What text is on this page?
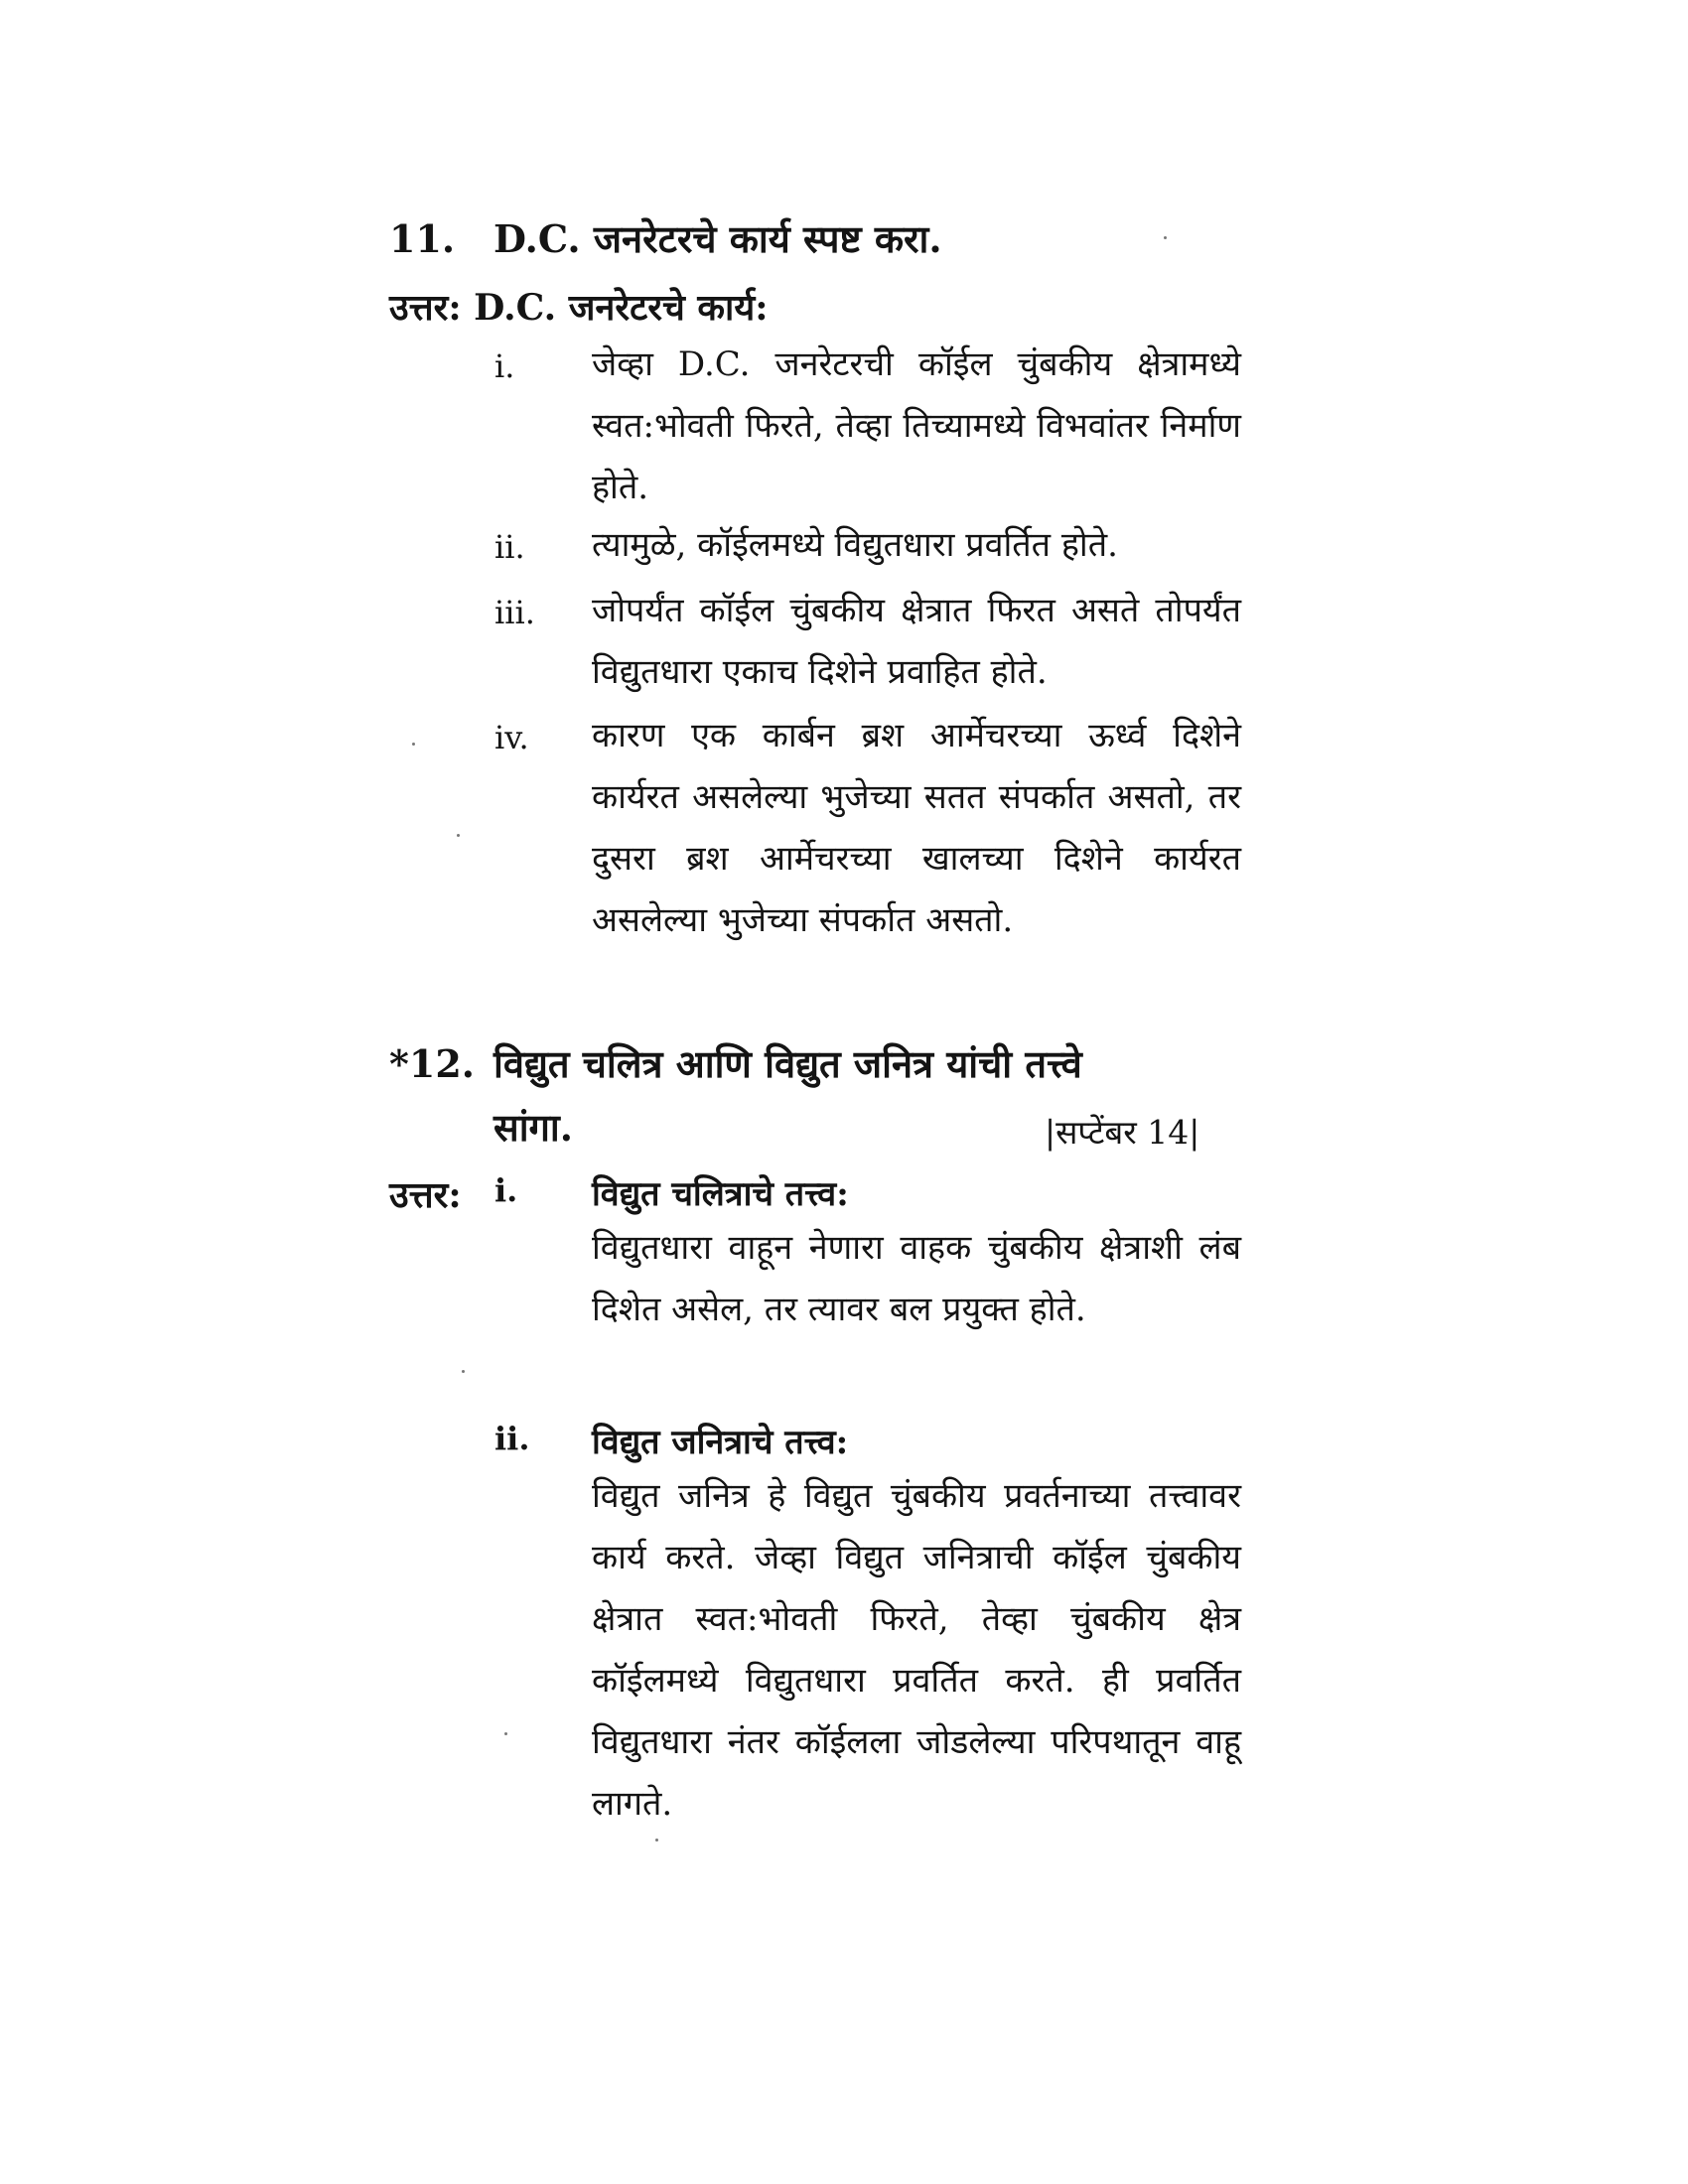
11. D.C. जनरेटरचे कार्य स्पष्ट करा.
उत्तर: D.C. जनरेटरचे कार्य:
i. जेव्हा D.C. जनरेटरची कॉईल चुंबकीय क्षेत्रामध्ये स्वत:भोवती फिरते, तेव्हा तिच्यामध्ये विभवांतर निर्माण होते.
ii. त्यामुळे, कॉईलमध्ये विद्युतधारा प्रवर्तित होते.
iii. जोपर्यंत कॉईल चुंबकीय क्षेत्रात फिरत असते तोपर्यंत विद्युतधारा एकाच दिशेने प्रवाहित होते.
iv. कारण एक कार्बन ब्रश आर्मेचरच्या ऊर्ध्व दिशेने कार्यरत असलेल्या भुजेच्या सतत संपर्कात असतो, तर दुसरा ब्रश आर्मेचरच्या खालच्या दिशेने कार्यरत असलेल्या भुजेच्या संपर्कात असतो.
*12. विद्युत चलित्र आणि विद्युत जनित्र यांची तत्त्वे
सांगा.	|सप्टेंबर 14|
उत्तर: i. विद्युत चलित्राचे तत्त्व:
विद्युतधारा वाहून नेणारा वाहक चुंबकीय क्षेत्राशी लंब दिशेत असेल, तर त्यावर बल प्रयुक्त होते.
ii. विद्युत जनित्राचे तत्त्व:
विद्युत जनित्र हे विद्युत चुंबकीय प्रवर्तनाच्या तत्त्वावर कार्य करते. जेव्हा विद्युत जनित्राची कॉईल चुंबकीय क्षेत्रात स्वत:भोवती फिरते, तेव्हा चुंबकीय क्षेत्र कॉईलमध्ये विद्युतधारा प्रवर्तित करते. ही प्रवर्तित विद्युतधारा नंतर कॉईलला जोडलेल्या परिपथातून वाहू लागते.
